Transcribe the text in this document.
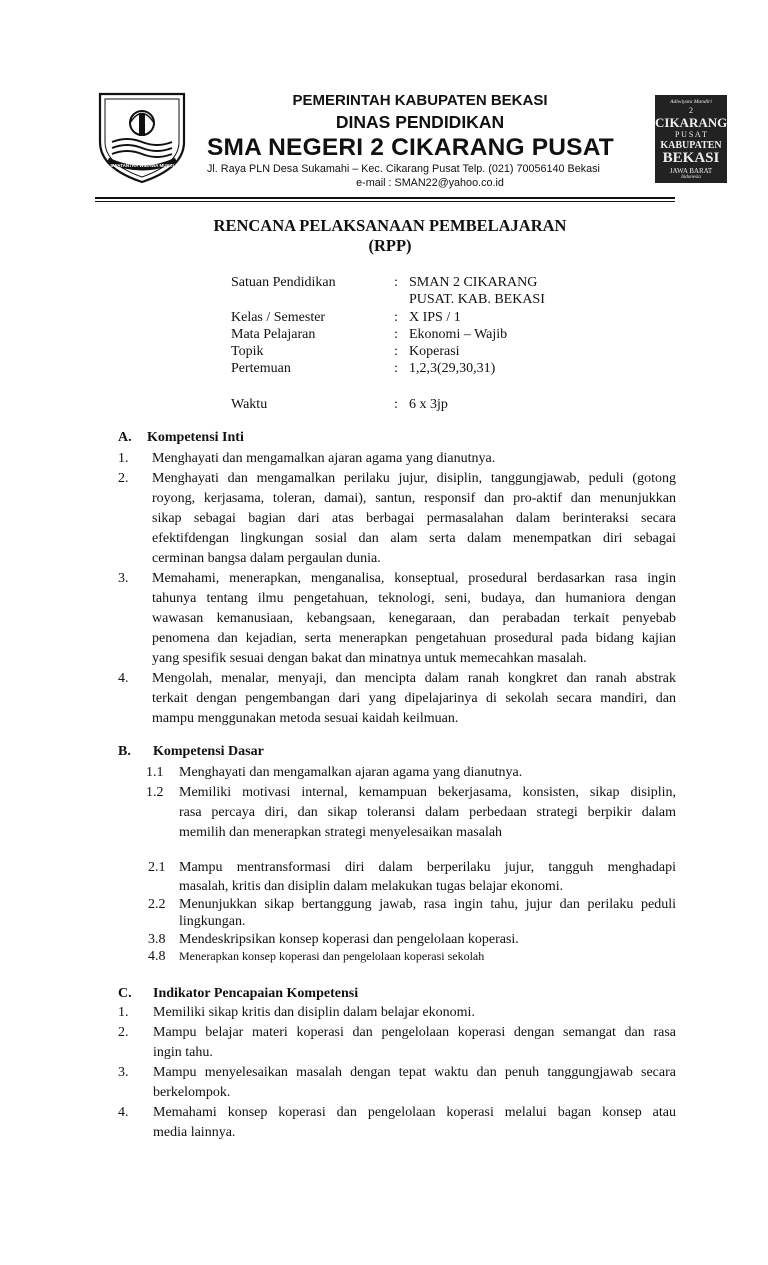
SWATANTRA WIBAWA MUKTI
PEMERINTAH KABUPATEN BEKASI
DINAS PENDIDIKAN
SMA NEGERI 2 CIKARANG PUSAT
Jl. Raya PLN Desa Sukamahi – Kec. Cikarang Pusat Telp. (021) 70056140 Bekasi
e-mail : SMAN22@yahoo.co.id
Adiwiyata Mandiri
2
CIKARANG
P U S A T
KABUPATEN
BEKASI
JAWA BARAT
Indonesia
RENCANA PELAKSANAAN PEMBELAJARAN
(RPP)
Satuan Pendidikan	: SMAN 2 CIKARANG
PUSAT. KAB. BEKASI
Kelas / Semester	: X IPS / 1
Mata Pelajaran	: Ekonomi – Wajib
Topik	: Koperasi
Pertemuan	: 1,2,3(29,30,31)
Waktu	: 6 x 3jp
A. Kompetensi Inti
1. Menghayati dan mengamalkan ajaran agama yang dianutnya.
2. Menghayati dan mengamalkan perilaku jujur, disiplin, tanggungjawab, peduli (gotong
royong, kerjasama, toleran, damai), santun, responsif dan pro-aktif dan menunjukkan
sikap sebagai bagian dari atas berbagai permasalahan dalam berinteraksi secara
efektifdengan lingkungan sosial dan alam serta dalam menempatkan diri sebagai
cerminan bangsa dalam pergaulan dunia.
3. Memahami, menerapkan, menganalisa, konseptual, prosedural berdasarkan rasa ingin
tahunya tentang ilmu pengetahuan, teknologi, seni, budaya, dan humaniora dengan
wawasan kemanusiaan, kebangsaan, kenegaraan, dan perabadan terkait penyebab
penomena dan kejadian, serta menerapkan pengetahuan prosedural pada bidang kajian
yang spesifik sesuai dengan bakat dan minatnya untuk memecahkan masalah.
4. Mengolah, menalar, menyaji, dan mencipta dalam ranah kongkret dan ranah abstrak
terkait dengan pengembangan dari yang dipelajarinya di sekolah secara mandiri, dan
mampu menggunakan metoda sesuai kaidah keilmuan.
B. Kompetensi Dasar
1.1 Menghayati dan mengamalkan ajaran agama yang dianutnya.
1.2 Memiliki motivasi internal, kemampuan bekerjasama, konsisten, sikap disiplin,
rasa percaya diri, dan sikap toleransi dalam perbedaan strategi berpikir dalam
memilih dan menerapkan strategi menyelesaikan masalah
2.1 Mampu mentransformasi diri dalam berperilaku jujur, tangguh menghadapi
masalah, kritis dan disiplin dalam melakukan tugas belajar ekonomi.
2.2 Menunjukkan sikap bertanggung jawab, rasa ingin tahu, jujur dan perilaku peduli
lingkungan.
3.8 Mendeskripsikan konsep koperasi dan pengelolaan koperasi.
4.8 Menerapkan konsep koperasi dan pengelolaan koperasi sekolah
C. Indikator Pencapaian Kompetensi
1. Memiliki sikap kritis dan disiplin dalam belajar ekonomi.
2. Mampu belajar materi koperasi dan pengelolaan koperasi dengan semangat dan rasa
ingin tahu.
3. Mampu menyelesaikan masalah dengan tepat waktu dan penuh tanggungjawab secara
berkelompok.
4. Memahami konsep koperasi dan pengelolaan koperasi melalui bagan konsep atau
media lainnya.
